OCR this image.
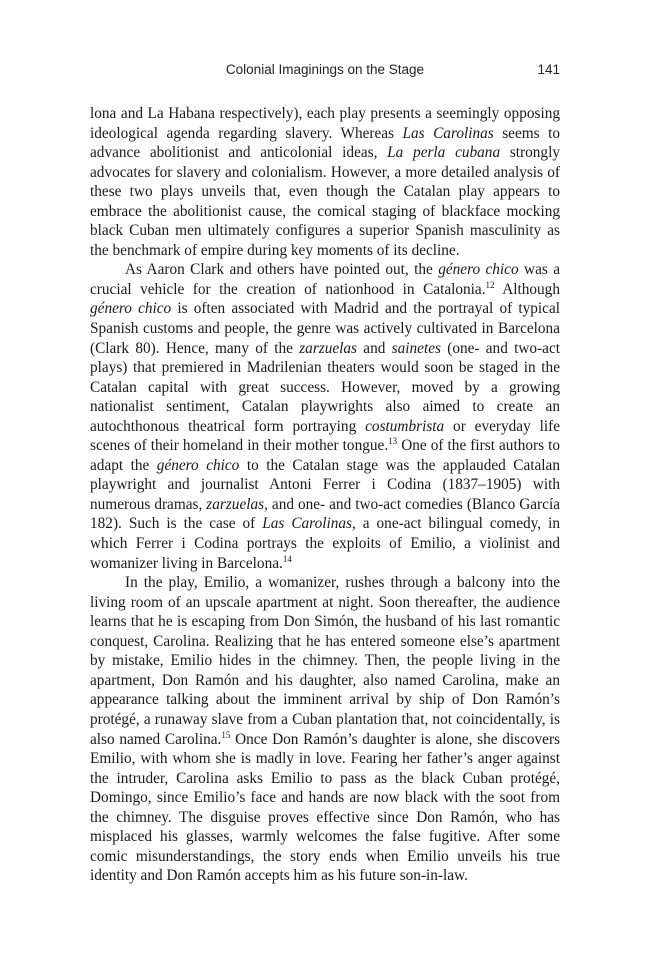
Colonial Imaginings on the Stage	141

lona and La Habana respectively), each play presents a seemingly opposing ideological agenda regarding slavery. Whereas Las Carolinas seems to advance abolitionist and anticolonial ideas, La perla cubana strongly advocates for slavery and colonialism. However, a more detailed analysis of these two plays unveils that, even though the Catalan play appears to embrace the abolitionist cause, the comical staging of blackface mocking black Cuban men ultimately configures a superior Spanish masculinity as the benchmark of empire during key moments of its decline.

As Aaron Clark and others have pointed out, the género chico was a crucial vehicle for the creation of nationhood in Catalonia.$^{12}$ Although género chico is often associated with Madrid and the portrayal of typical Spanish customs and people, the genre was actively cultivated in Barcelona (Clark 80). Hence, many of the zarzuelas and sainetes (one- and two-act plays) that premiered in Madrilenian theaters would soon be staged in the Catalan capital with great success. However, moved by a growing nationalist sentiment, Catalan playwrights also aimed to create an autochthonous theatrical form portraying costumbrista or everyday life scenes of their homeland in their mother tongue.$^{13}$ One of the first authors to adapt the género chico to the Catalan stage was the applauded Catalan playwright and journalist Antoni Ferrer i Codina (1837–1905) with numerous dramas, zarzuelas, and one- and two-act comedies (Blanco García 182). Such is the case of Las Carolinas, a one-act bilingual comedy, in which Ferrer i Codina portrays the exploits of Emilio, a violinist and womanizer living in Barcelona.$^{14}$

In the play, Emilio, a womanizer, rushes through a balcony into the living room of an upscale apartment at night. Soon thereafter, the audience learns that he is escaping from Don Simón, the husband of his last romantic conquest, Carolina. Realizing that he has entered someone else’s apartment by mistake, Emilio hides in the chimney. Then, the people living in the apartment, Don Ramón and his daughter, also named Carolina, make an appearance talking about the imminent arrival by ship of Don Ramón’s protégé, a runaway slave from a Cuban plantation that, not coincidentally, is also named Carolina.$^{15}$ Once Don Ramón’s daughter is alone, she discovers Emilio, with whom she is madly in love. Fearing her father’s anger against the intruder, Carolina asks Emilio to pass as the black Cuban protégé, Domingo, since Emilio’s face and hands are now black with the soot from the chimney. The disguise proves effective since Don Ramón, who has misplaced his glasses, warmly welcomes the false fugitive. After some comic misunderstandings, the story ends when Emilio unveils his true identity and Don Ramón accepts him as his future son-in-law.
